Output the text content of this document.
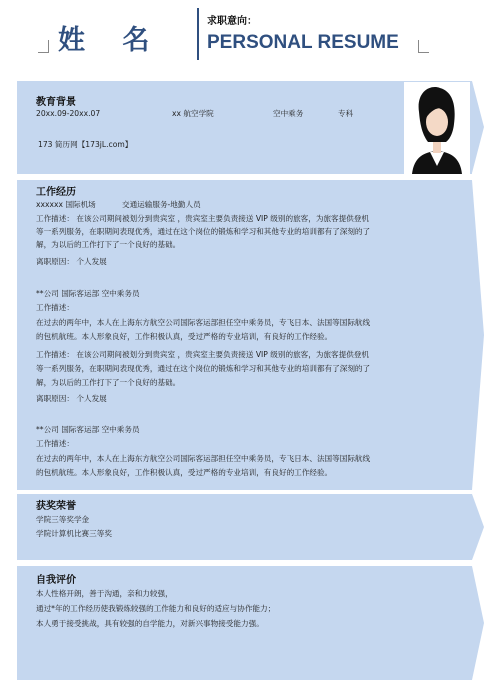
姓 名
求职意向：
PERSONAL RESUME
教育背景
20xx.09-20xx.07	xx 航空学院	空中乘务	专科
173 简历网【173jL.com】
工作经历
xxxxxx 国际机场	交通运输服务-地勤人员
工作描述： 在该公司期间被划分到贵宾室 ，贵宾室主要负责接送 VIP 级别的旅客，为旅客提供登机
等一系列服务，在职期间表现优秀，通过在这个岗位的锻炼和学习和其他专业的培训都有了深刻的了
解，为以后的工作打下了一个良好的基础。
离职原因： 个人发展
**公司 国际客运部 空中乘务员
工作描述：
在过去的两年中，本人在上海东方航空公司国际客运部担任空中乘务员，专飞日本、法国等国际航线
的包机航班。本人形象良好，工作积极认真，受过严格的专业培训，有良好的工作经验。
工作描述： 在该公司期间被划分到贵宾室 ，贵宾室主要负责接送 VIP 级别的旅客，为旅客提供登机
等一系列服务，在职期间表现优秀，通过在这个岗位的锻炼和学习和其他专业的培训都有了深刻的了
解，为以后的工作打下了一个良好的基础。
离职原因： 个人发展
**公司 国际客运部 空中乘务员
工作描述：
在过去的两年中，本人在上海东方航空公司国际客运部担任空中乘务员，专飞日本、法国等国际航线
的包机航班。本人形象良好，工作积极认真，受过严格的专业培训，有良好的工作经验。
获奖荣誉
学院三等奖学金
学院计算机比赛三等奖
自我评价
本人性格开朗，善于沟通，亲和力较强，
通过*年的工作经历使我锻炼较强的工作能力和良好的适应与协作能力；
本人勇于接受挑战，具有较强的自学能力，对新兴事物接受能力强。
